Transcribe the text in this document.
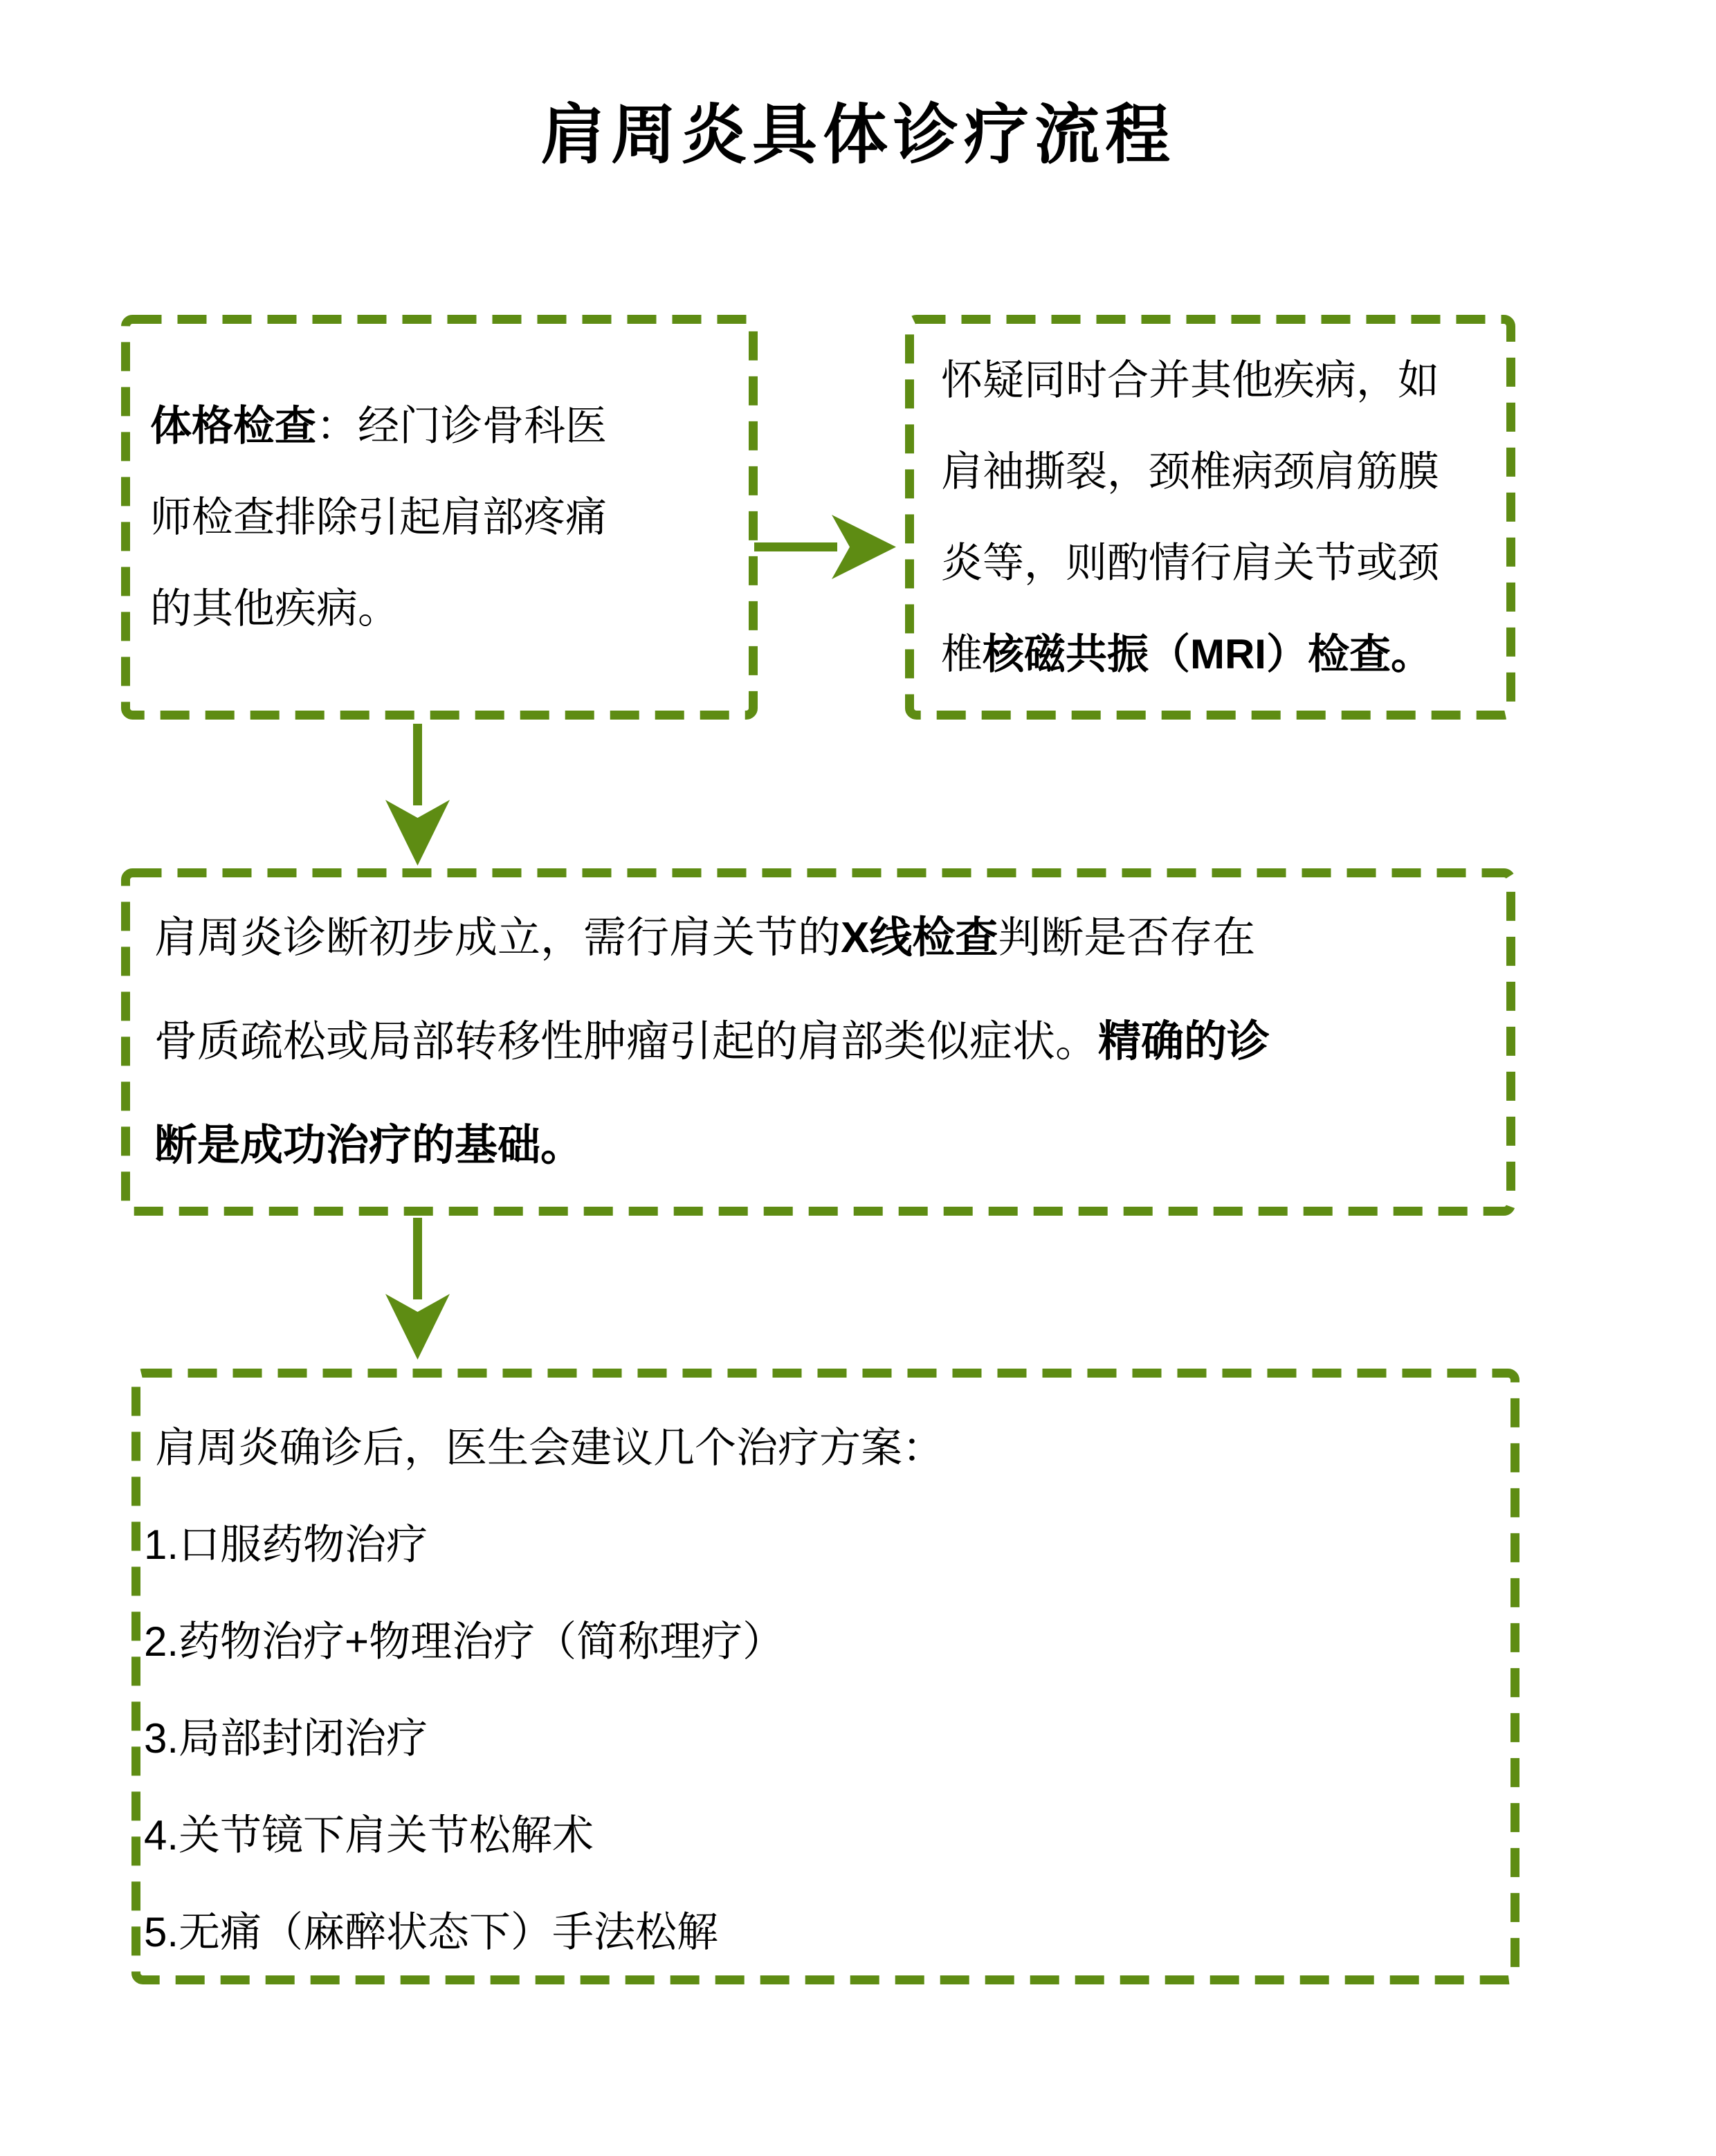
肩周炎具体诊疗流程
体格检查：经门诊骨科医
师检查排除引起肩部疼痛
的其他疾病。
怀疑同时合并其他疾病，如
肩袖撕裂，颈椎病颈肩筋膜
炎等，则酌情行肩关节或颈
椎核磁共振（MRI）检查。
肩周炎诊断初步成立，需行肩关节的X线检查判断是否存在
骨质疏松或局部转移性肿瘤引起的肩部类似症状。精确的诊
断是成功治疗的基础。
肩周炎确诊后，医生会建议几个治疗方案：
1.口服药物治疗
2.药物治疗+物理治疗（简称理疗）
3.局部封闭治疗
4.关节镜下肩关节松解术
5.无痛（麻醉状态下）手法松解
